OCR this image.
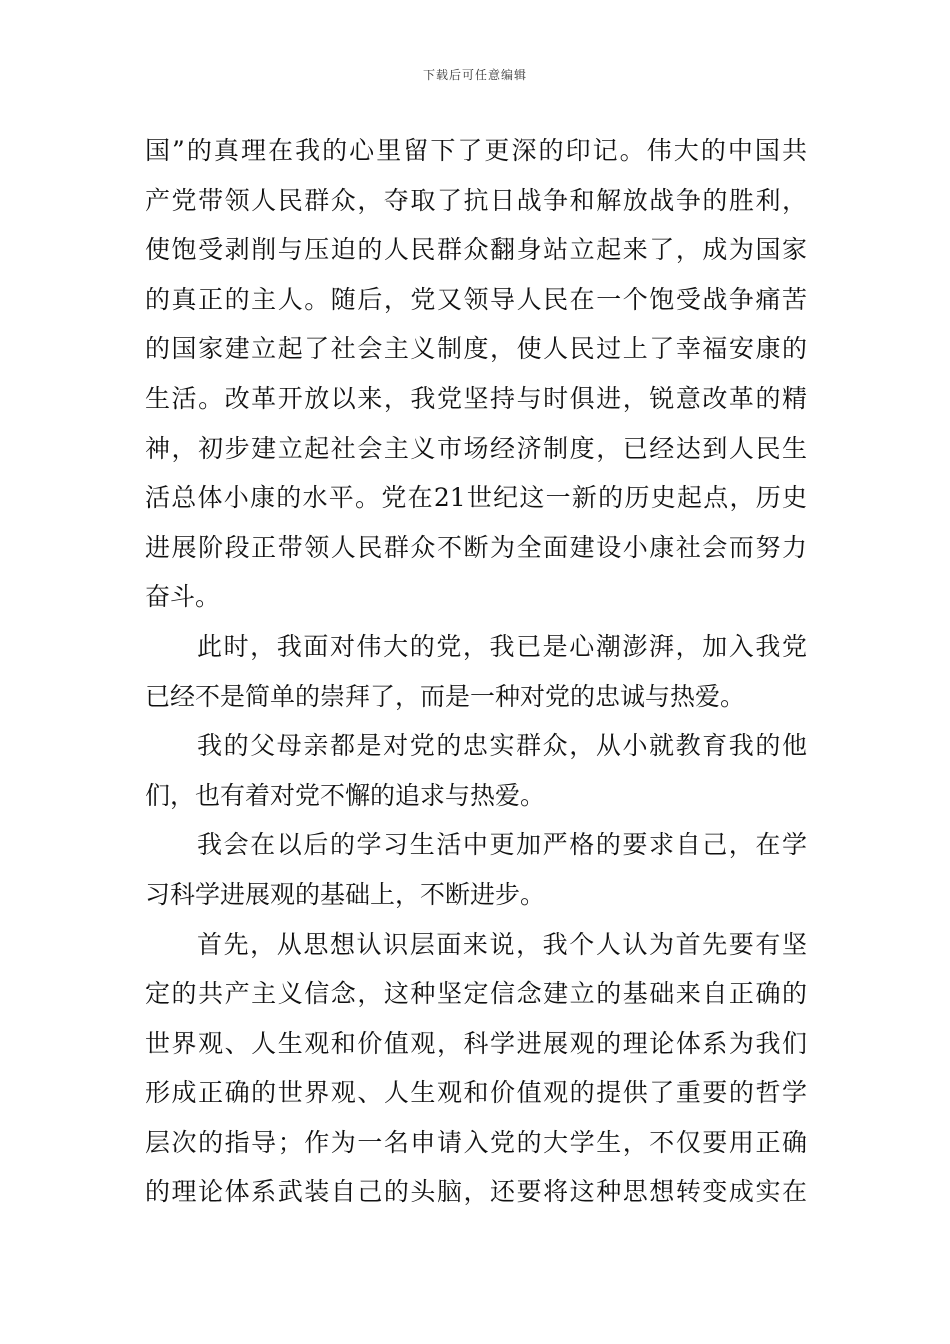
下载后可任意编辑
国”的真理在我的心里留下了更深的印记。伟大的中国共
产党带领人民群众，夺取了抗日战争和解放战争的胜利，
使饱受剥削与压迫的人民群众翻身站立起来了，成为国家
的真正的主人。随后，党又领导人民在一个饱受战争痛苦
的国家建立起了社会主义制度，使人民过上了幸福安康的
生活。改革开放以来，我党坚持与时俱进，锐意改革的精
神，初步建立起社会主义市场经济制度，已经达到人民生
活总体小康的水平。党在21世纪这一新的历史起点，历史
进展阶段正带领人民群众不断为全面建设小康社会而努力
奋斗。
此时，我面对伟大的党，我已是心潮澎湃，加入我党
已经不是简单的崇拜了，而是一种对党的忠诚与热爱。
我的父母亲都是对党的忠实群众，从小就教育我的他
们，也有着对党不懈的追求与热爱。
我会在以后的学习生活中更加严格的要求自己，在学
习科学进展观的基础上，不断进步。
首先，从思想认识层面来说，我个人认为首先要有坚
定的共产主义信念，这种坚定信念建立的基础来自正确的
世界观、人生观和价值观，科学进展观的理论体系为我们
形成正确的世界观、人生观和价值观的提供了重要的哲学
层次的指导；作为一名申请入党的大学生，不仅要用正确
的理论体系武装自己的头脑，还要将这种思想转变成实在
